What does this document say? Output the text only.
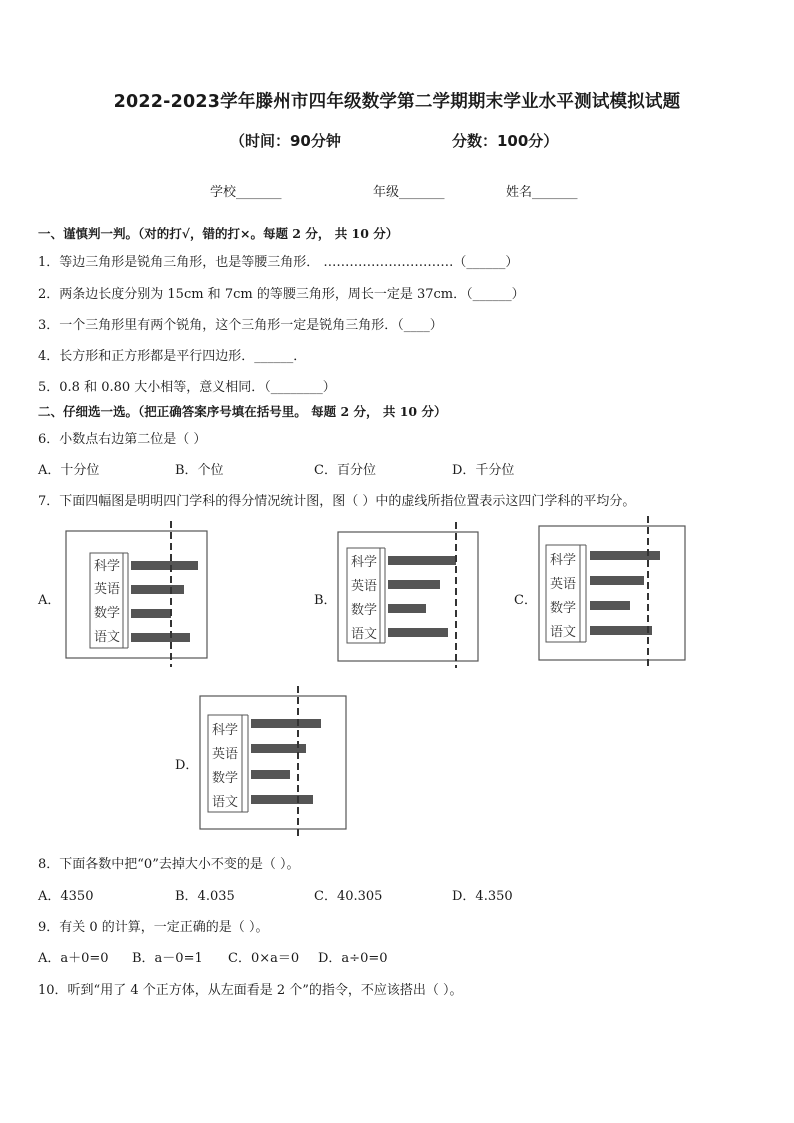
2022-2023学年滕州市四年级数学第二学期期末学业水平测试模拟试题
（时间：90分钟	分数：100分）
学校_______	年级_______	姓名_______
一、谨慎判一判。（对的打√，错的打×。每题 2 分， 共 10 分）
1．等边三角形是锐角三角形，也是等腰三角形． …………………………（______）
2．两条边长度分别为 15cm 和 7cm 的等腰三角形，周长一定是 37cm．（______）
3．一个三角形里有两个锐角，这个三角形一定是锐角三角形．（____）
4．长方形和正方形都是平行四边形．______．
5．0.8 和 0.80 大小相等，意义相同．（________）
二、仔细选一选。（把正确答案序号填在括号里。 每题 2 分， 共 10 分）
6．小数点右边第二位是（ ）
A．十分位	B．个位	C．百分位	D．千分位
7．下面四幅图是明明四门学科的得分情况统计图，图（ ）中的虚线所指位置表示这四门学科的平均分。
A．	B．	C．
D．
科学
英语
数学
语文
科学
英语
数学
语文
科学
英语
数学
语文
科学
英语
数学
语文
8．下面各数中把“0”去掉大小不变的是（ ）。
A．4350	B．4.035	C．40.305	D．4.350
9．有关 0 的计算，一定正确的是（ ）。
A．a＋0=0 B．a－0=1 C．0×a＝0 D．a÷0=0
10．听到“用了 4 个正方体，从左面看是 2 个”的指令，不应该搭出（ ）。
